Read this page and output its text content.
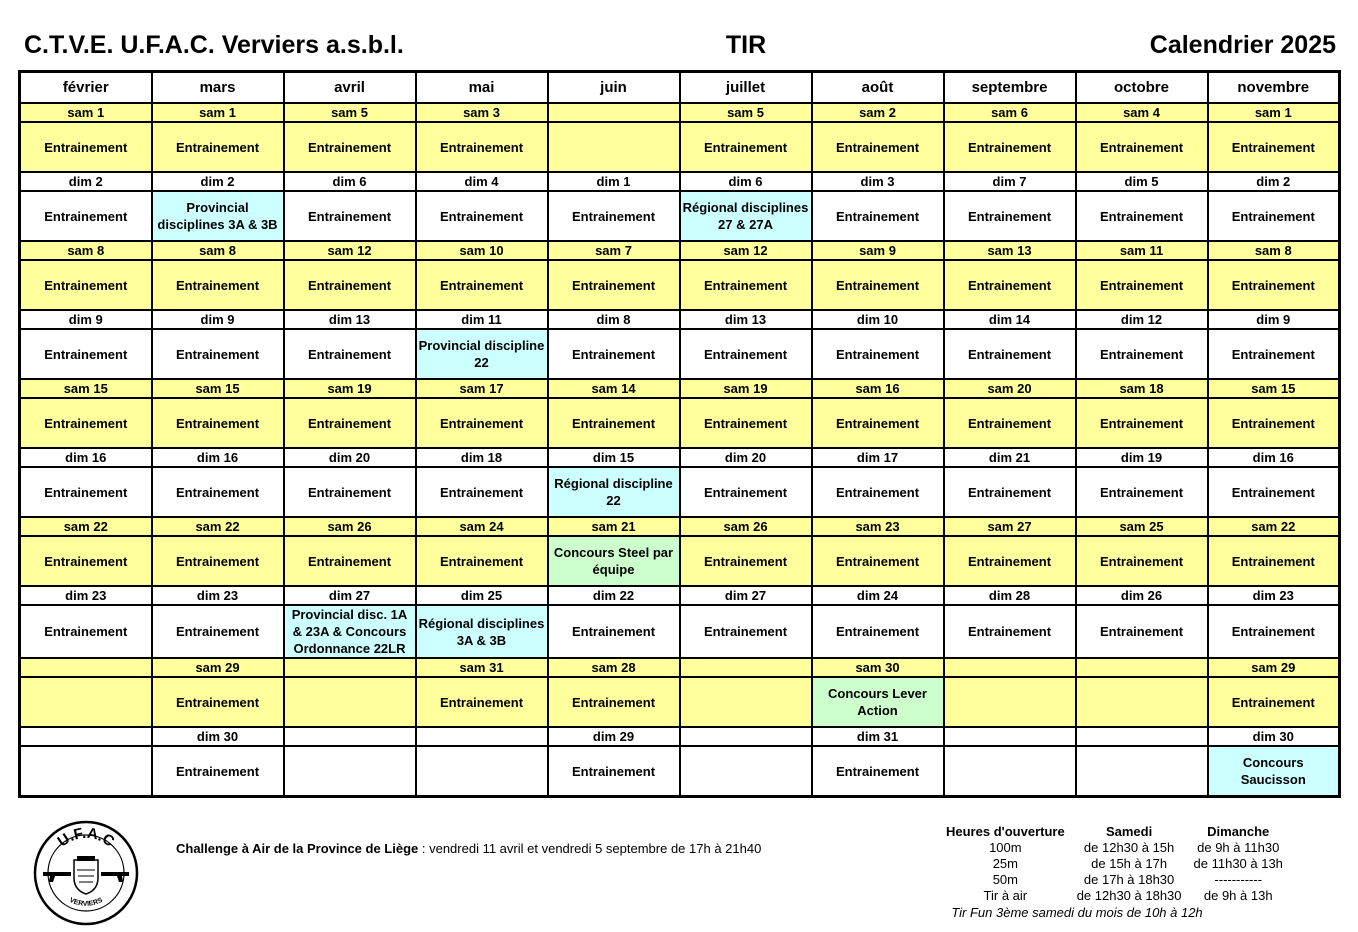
C.T.V.E. U.F.A.C. Verviers a.s.b.l.	TIR	Calendrier 2025
février	mars	avril	mai	juin	juillet	août	septembre	octobre	novembre
sam 1	sam 1	sam 5	sam 3		sam 5	sam 2	sam 6	sam 4	sam 1
Entrainement	Entrainement	Entrainement	Entrainement		Entrainement	Entrainement	Entrainement	Entrainement	Entrainement
dim 2	dim 2	dim 6	dim 4	dim 1	dim 6	dim 3	dim 7	dim 5	dim 2
Entrainement	Provincial disciplines 3A & 3B	Entrainement	Entrainement	Entrainement	Régional disciplines 27 & 27A	Entrainement	Entrainement	Entrainement	Entrainement
sam 8	sam 8	sam 12	sam 10	sam 7	sam 12	sam 9	sam 13	sam 11	sam 8
Entrainement	Entrainement	Entrainement	Entrainement	Entrainement	Entrainement	Entrainement	Entrainement	Entrainement	Entrainement
dim 9	dim 9	dim 13	dim 11	dim 8	dim 13	dim 10	dim 14	dim 12	dim 9
Entrainement	Entrainement	Entrainement	Provincial discipline 22	Entrainement	Entrainement	Entrainement	Entrainement	Entrainement	Entrainement
sam 15	sam 15	sam 19	sam 17	sam 14	sam 19	sam 16	sam 20	sam 18	sam 15
Entrainement	Entrainement	Entrainement	Entrainement	Entrainement	Entrainement	Entrainement	Entrainement	Entrainement	Entrainement
dim 16	dim 16	dim 20	dim 18	dim 15	dim 20	dim 17	dim 21	dim 19	dim 16
Entrainement	Entrainement	Entrainement	Entrainement	Régional discipline 22	Entrainement	Entrainement	Entrainement	Entrainement	Entrainement
sam 22	sam 22	sam 26	sam 24	sam 21	sam 26	sam 23	sam 27	sam 25	sam 22
Entrainement	Entrainement	Entrainement	Entrainement	Concours Steel par équipe	Entrainement	Entrainement	Entrainement	Entrainement	Entrainement
dim 23	dim 23	dim 27	dim 25	dim 22	dim 27	dim 24	dim 28	dim 26	dim 23
Entrainement	Entrainement	Provincial disc. 1A & 23A & Concours Ordonnance 22LR	Régional disciplines 3A & 3B	Entrainement	Entrainement	Entrainement	Entrainement	Entrainement	Entrainement
	sam 29		sam 31	sam 28		sam 30			sam 29
	Entrainement		Entrainement	Entrainement		Concours Lever Action			Entrainement
	dim 30			dim 29		dim 31			dim 30
	Entrainement			Entrainement		Entrainement			Concours Saucisson
U.F.A.C
VERVIERS
Challenge à Air de la Province de Liège : vendredi 11 avril et vendredi 5 septembre de 17h à 21h40
Heures d'ouverture	Samedi	Dimanche
100m	de 12h30 à 15h	de 9h à 11h30
25m	de 15h à 17h	de 11h30 à 13h
50m	de 17h à 18h30	-----------
Tir à air	de 12h30 à 18h30	de 9h à 13h
Tir Fun 3ème samedi du mois de 10h à 12h
